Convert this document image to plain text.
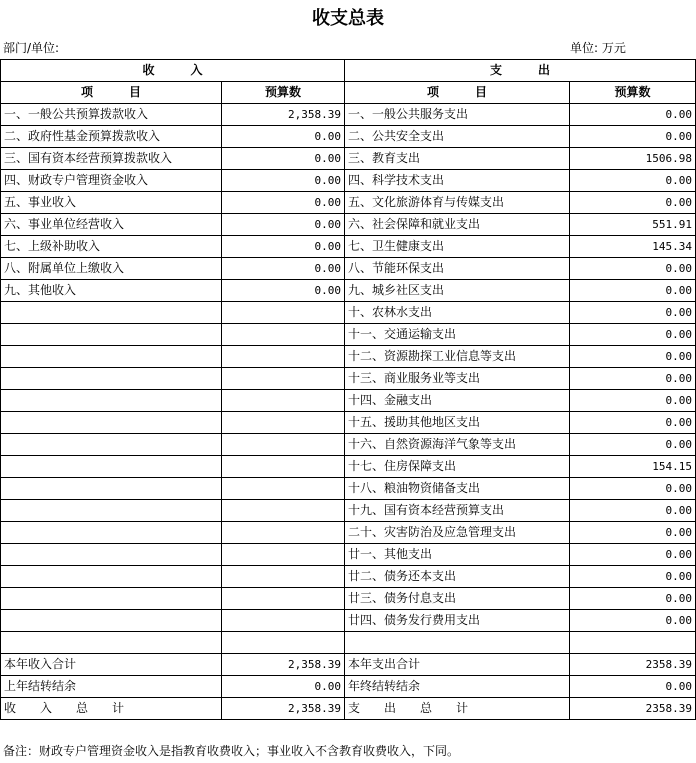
收支总表
部门/单位:	单位: 万元
收　　　入		支　　　出	
项　　　目	预算数	项　　　目	预算数
一、一般公共预算拨款收入	2,358.39	一、一般公共服务支出	0.00
二、政府性基金预算拨款收入	0.00	二、公共安全支出	0.00
三、国有资本经营预算拨款收入	0.00	三、教育支出	1506.98
四、财政专户管理资金收入	0.00	四、科学技术支出	0.00
五、事业收入	0.00	五、文化旅游体育与传媒支出	0.00
六、事业单位经营收入	0.00	六、社会保障和就业支出	551.91
七、上级补助收入	0.00	七、卫生健康支出	145.34
八、附属单位上缴收入	0.00	八、节能环保支出	0.00
九、其他收入	0.00	九、城乡社区支出	0.00
		十、农林水支出	0.00
		十一、交通运输支出	0.00
		十二、资源勘探工业信息等支出	0.00
		十三、商业服务业等支出	0.00
		十四、金融支出	0.00
		十五、援助其他地区支出	0.00
		十六、自然资源海洋气象等支出	0.00
		十七、住房保障支出	154.15
		十八、粮油物资储备支出	0.00
		十九、国有资本经营预算支出	0.00
		二十、灾害防治及应急管理支出	0.00
		廿一、其他支出	0.00
		廿二、债务还本支出	0.00
		廿三、债务付息支出	0.00
		廿四、债务发行费用支出	0.00

本年收入合计	2,358.39	本年支出合计	2358.39
上年结转结余	0.00	年终结转结余	0.00
收　　入　　总　　计	2,358.39	支　　出　　总　　计	2358.39
备注：财政专户管理资金收入是指教育收费收入；事业收入不含教育收费收入，下同。
